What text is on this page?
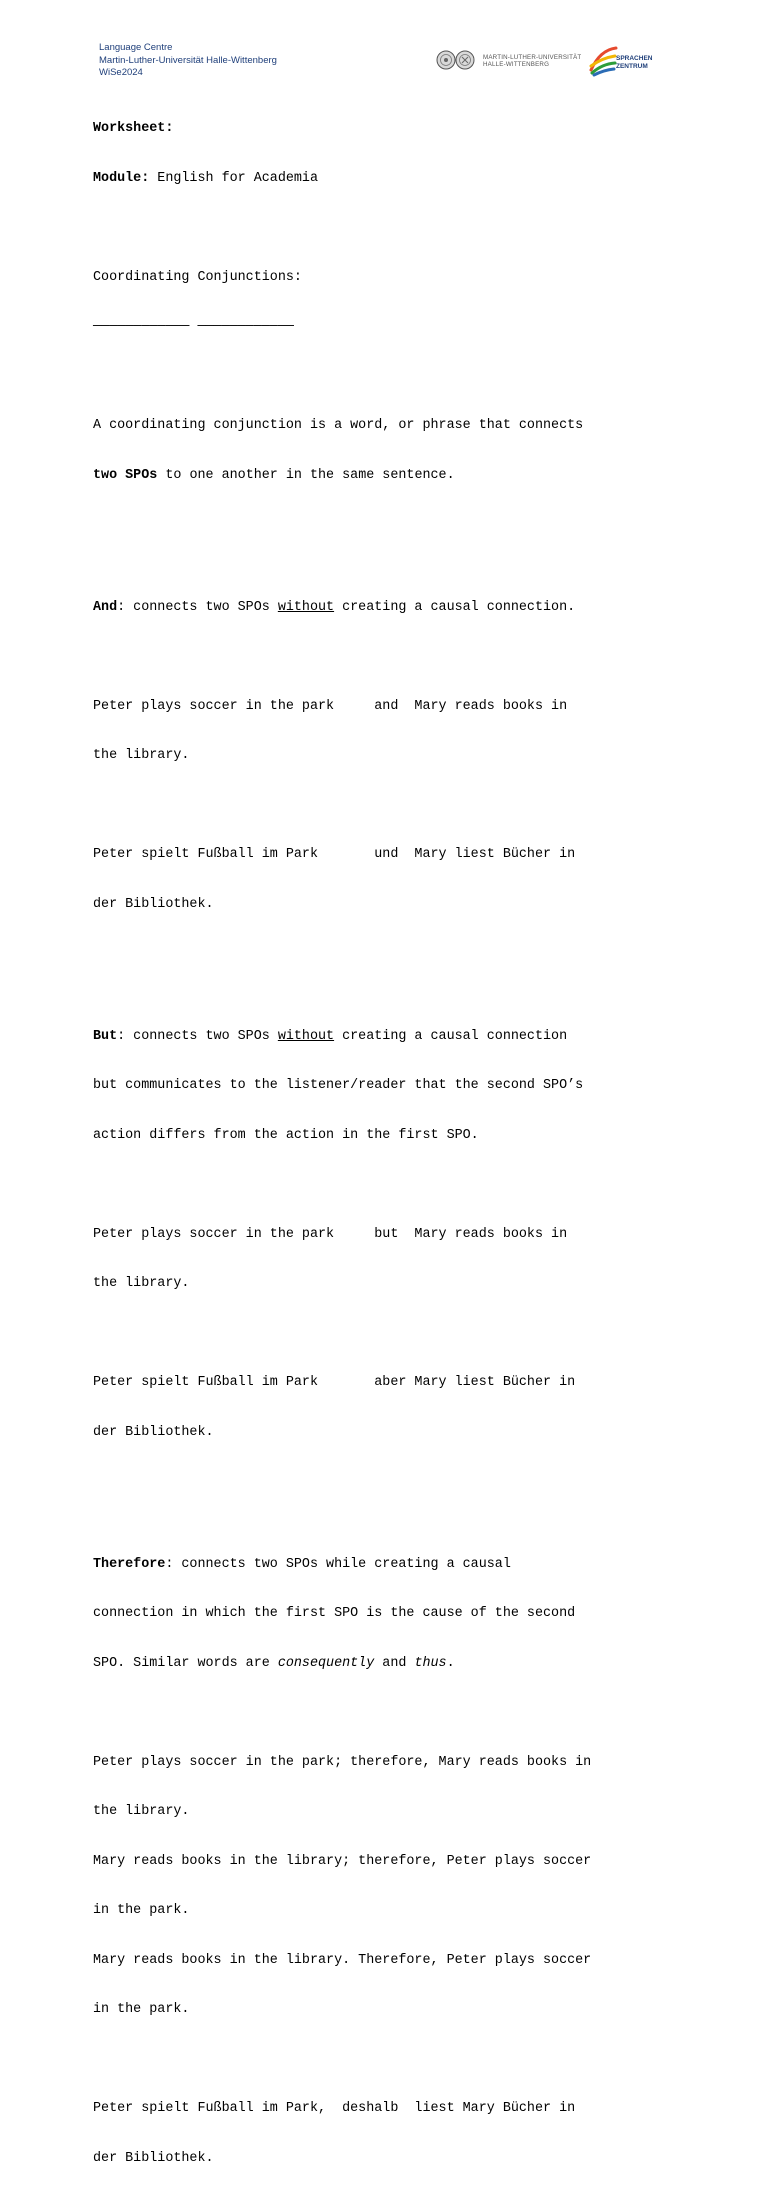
Language Centre
Martin-Luther-Universität Halle-Wittenberg
WiSe2024
MARTIN-LUTHER-UNIVERSITÄT
HALLE-WITTENBERG
SPRACHEN
ZENTRUM

Worksheet:

Module: English for Academia

Coordinating Conjunctions:

———————————— ————————————

A coordinating conjunction is a word, or phrase that connects

two SPOs to one another in the same sentence.

And: connects two SPOs without creating a causal connection.

Peter plays soccer in the park     and  Mary reads books in

the library.

Peter spielt Fußball im Park       und  Mary liest Bücher in

der Bibliothek.

But: connects two SPOs without creating a causal connection

but communicates to the listener/reader that the second SPO’s

action differs from the action in the first SPO.

Peter plays soccer in the park     but  Mary reads books in

the library.

Peter spielt Fußball im Park       aber Mary liest Bücher in

der Bibliothek.

Therefore: connects two SPOs while creating a causal

connection in which the first SPO is the cause of the second

SPO. Similar words are consequently and thus.

Peter plays soccer in the park; therefore, Mary reads books in

the library.

Mary reads books in the library; therefore, Peter plays soccer

in the park.

Mary reads books in the library. Therefore, Peter plays soccer

in the park.

Peter spielt Fußball im Park,  deshalb  liest Mary Bücher in

der Bibliothek.
